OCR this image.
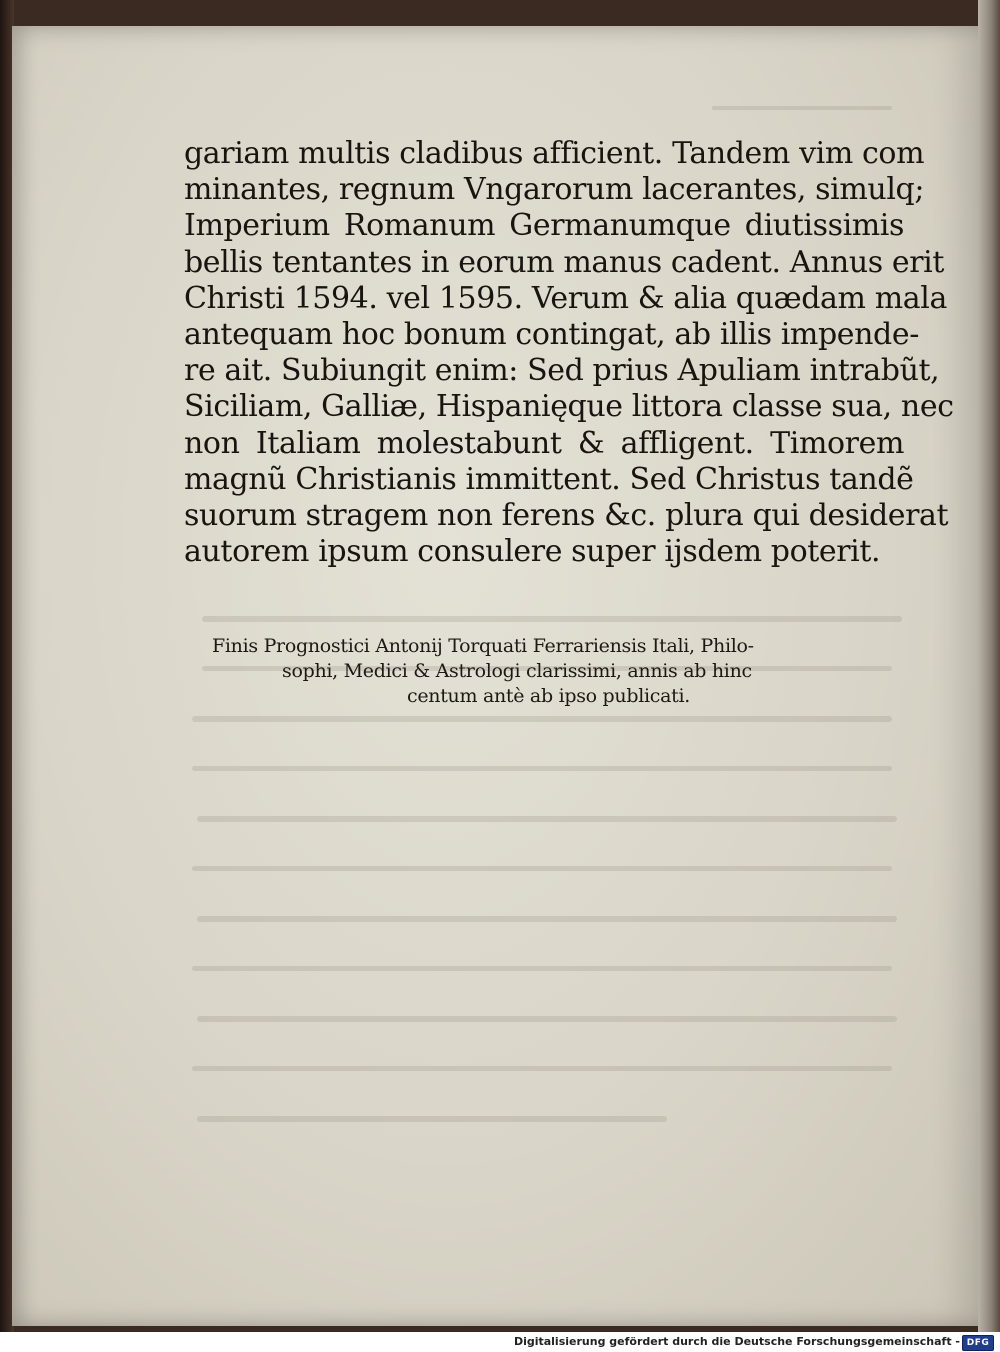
gariam multis cladibus afficient. Tandem vim com
minantes, regnum Vngarorum lacerantes, simulq;
Imperium Romanum Germanumque diutissimis
bellis tentantes in eorum manus cadent. Annus erit
Christi 1594. vel 1595. Verum & alia quædam mala
antequam hoc bonum contingat, ab illis impende-
re ait. Subiungit enim: Sed prius Apuliam intrabũt,
Siciliam, Galliæ, Hispanięque littora classe sua, nec
non Italiam molestabunt & affligent. Timorem
magnũ Christianis immittent. Sed Christus tandẽ
suorum stragem non ferens &c. plura qui desiderat
autorem ipsum consulere super ijsdem poterit.
Finis Prognostici Antonij Torquati Ferrariensis Itali, Philo-
sophi, Medici & Astrologi clarissimi, annis ab hinc
centum antè ab ipso publicati.
Digitalisierung gefördert durch die Deutsche Forschungsgemeinschaft - DFG
